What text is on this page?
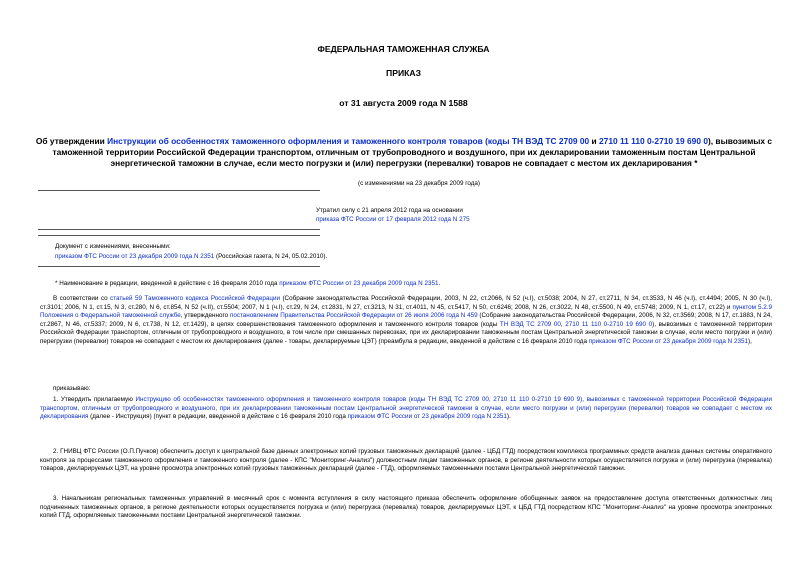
ФЕДЕРАЛЬНАЯ ТАМОЖЕННАЯ СЛУЖБА
ПРИКАЗ
от 31 августа 2009 года N 1588
Об утверждении Инструкции об особенностях таможенного оформления и таможенного контроля товаров (коды ТН ВЭД ТС 2709 00 и 2710 11 110 0-2710 19 690 0), вывозимых с таможенной территории Российской Федерации транспортом, отличным от трубопроводного и воздушного, при их декларировании таможенным постам Центральной энергетической таможни в случае, если место погрузки и (или) перегрузки (перевалки) товаров не совпадает с местом их декларирования *
(с изменениями на 23 декабря 2009 года)
Утратил силу с 21 апреля 2012 года на основании
приказа ФТС России от 17 февраля 2012 года N 275
Документ с изменениями, внесенными:
приказом ФТС России от 23 декабря 2009 года N 2351 (Российская газета, N 24, 05.02.2010).
* Наименование в редакции, введенной в действие с 16 февраля 2010 года приказом ФТС России от 23 декабря 2009 года N 2351.
В соответствии со статьей 59 Таможенного кодекса Российской Федерации (Собрание законодательства Российской Федерации, 2003, N 22, ст.2066, N 52 (ч.I), ст.5038; 2004, N 27, ст.2711, N 34, ст.3533, N 46 (ч.I), ст.4494; 2005, N 30 (ч.I), ст.3101; 2006, N 1, ст.15, N 3, ст.280, N 6, ст.854, N 52 (ч.II), ст.5504; 2007, N 1 (ч.I), ст.29, N 24, ст.2831, N 27, ст.3213, N 31, ст.4011, N 45, ст.5417, N 50, ст.6246; 2008, N 26, ст.3022, N 48, ст.5500, N 49, ст.5748; 2009, N 1, ст.17, ст.22) и пунктом 5.2.9 Положения о Федеральной таможенной службе, утвержденного постановлением Правительства Российской Федерации от 26 июля 2006 года N 459 (Собрание законодательства Российской Федерации, 2006, N 32, ст.3569; 2008, N 17, ст.1883, N 24, ст.2867, N 46, ст.5337; 2009, N 6, ст.738, N 12, ст.1429), в целях совершенствования таможенного оформления и таможенного контроля товаров (коды ТН ВЭД ТС 2709 00, 2710 11 110 0-2710 19 690 0), вывозимых с таможенной территории Российской Федерации транспортом, отличным от трубопроводного и воздушного, в том числе при смешанных перевозках, при их декларировании таможенным постам Центральной энергетической таможни в случае, если место погрузки и (или) перегрузки (перевалки) товаров не совпадает с местом их декларирования (далее - товары, декларируемые ЦЭТ) (преамбула в редакции, введенной в действие с 16 февраля 2010 года приказом ФТС России от 23 декабря 2009 года N 2351),
приказываю:
1. Утвердить прилагаемую Инструкцию об особенностях таможенного оформления и таможенного контроля товаров (коды ТН ВЭД ТС 2709 00, 2710 11 110 0-2710 19 690 9), вывозимых с таможенной территории Российской Федерации транспортом, отличным от трубопроводного и воздушного, при их декларировании таможенным постам Центральной энергетической таможни в случае, если место погрузки и (или) перегрузки (перевалки) товаров не совпадает с местом их декларирования (далее - Инструкция) (пункт в редакции, введенной в действие с 16 февраля 2010 года приказом ФТС России от 23 декабря 2009 года N 2351).
2. ГНИВЦ ФТС России (О.П.Пучков) обеспечить доступ к центральной базе данных электронных копий грузовых таможенных деклараций (далее - ЦБД ГТД) посредством комплекса программных средств анализа данных системы оперативного контроля за процессами таможенного оформления и таможенного контроля (далее - КПС "Мониторинг-Анализ") должностным лицам таможенных органов, в регионе деятельности которых осуществляется погрузка и (или) перегрузка (перевалка) товаров, декларируемых ЦЭТ, на уровне просмотра электронных копий грузовых таможенных деклараций (далее - ГТД), оформляемых таможенными постами Центральной энергетической таможни.
3. Начальникам региональных таможенных управлений в месячный срок с момента вступления в силу настоящего приказа обеспечить оформление обобщенных заявок на предоставление доступа ответственных должностных лиц подчиненных таможенных органов, в регионе деятельности которых осуществляется погрузка и (или) перегрузка (перевалка) товаров, декларируемых ЦЭТ, к ЦБД ГТД посредством КПС "Мониторинг-Анализ" на уровне просмотра электронных копий ГТД, оформляемых таможенными постами Центральной энергетической таможни.
